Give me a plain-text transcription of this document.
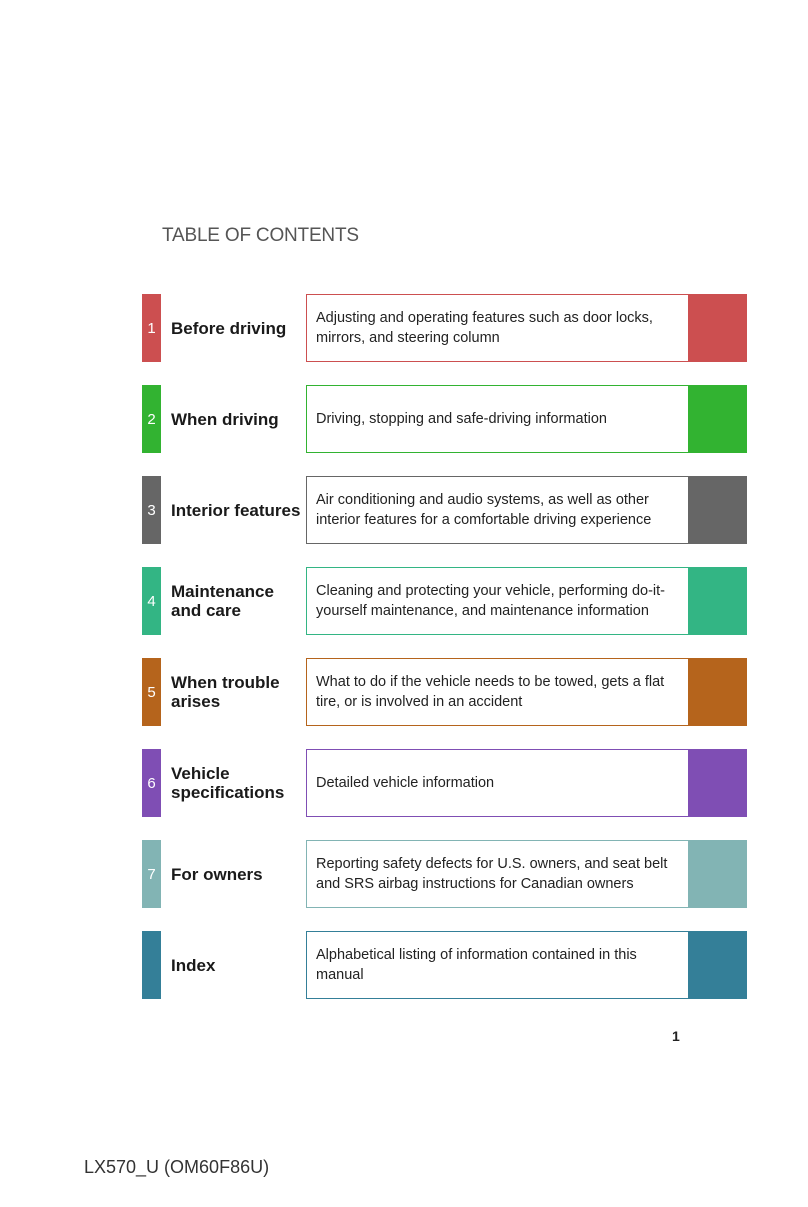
TABLE OF CONTENTS
1 Before driving
Adjusting and operating features such as door locks, mirrors, and steering column
2 When driving	Driving, stopping and safe-driving information
3 Interior features
Air conditioning and audio systems, as well as other interior features for a comfortable driving experience
4 Maintenance and care
Cleaning and protecting your vehicle, performing do-it-yourself maintenance, and maintenance information
5 When trouble arises
What to do if the vehicle needs to be towed, gets a flat tire, or is involved in an accident
6 Vehicle specifications	Detailed vehicle information
7 For owners
Reporting safety defects for U.S. owners, and seat belt and SRS airbag instructions for Canadian owners
Index
Alphabetical listing of information contained in this manual
1
LX570_U (OM60F86U)
